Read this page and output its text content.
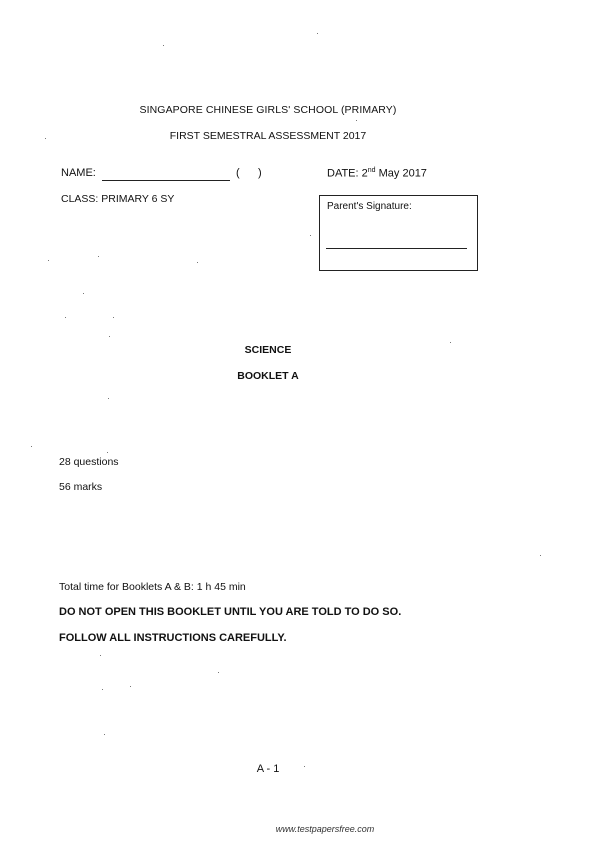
SINGAPORE CHINESE GIRLS' SCHOOL (PRIMARY)
FIRST SEMESTRAL ASSESSMENT 2017
NAME:	(      )	DATE: 2nd May 2017
CLASS: PRIMARY 6 SY
Parent's Signature:
SCIENCE
BOOKLET A
28 questions
56 marks
Total time for Booklets A & B: 1 h 45 min
DO NOT OPEN THIS BOOKLET UNTIL YOU ARE TOLD TO DO SO.
FOLLOW ALL INSTRUCTIONS CAREFULLY.
A - 1
www.testpapersfree.com
